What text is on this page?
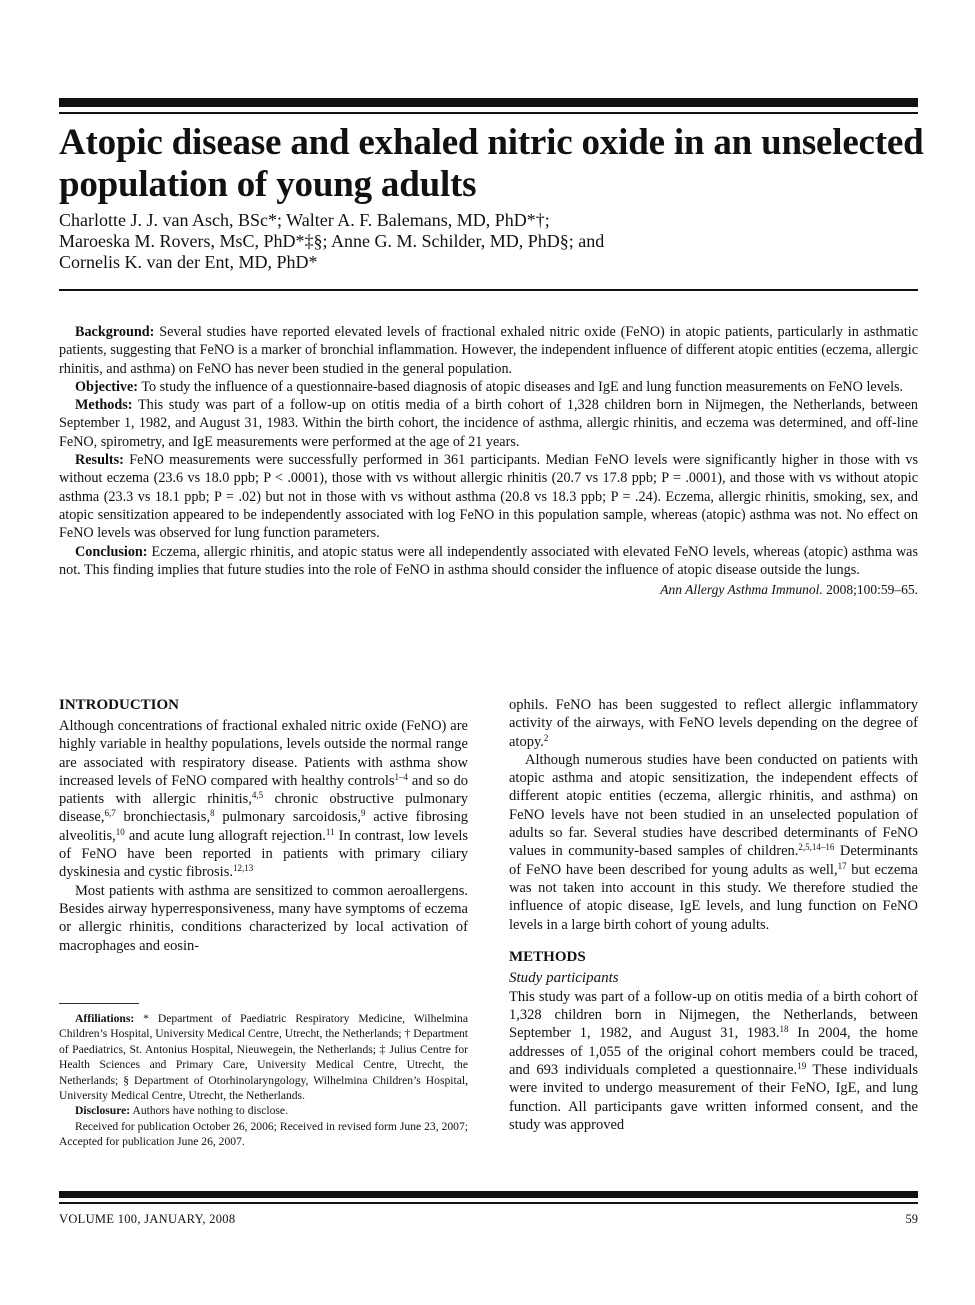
Atopic disease and exhaled nitric oxide in an unselected population of young adults
Charlotte J. J. van Asch, BSc*; Walter A. F. Balemans, MD, PhD*†;
Maroeska M. Rovers, MsC, PhD*‡§; Anne G. M. Schilder, MD, PhD§; and
Cornelis K. van der Ent, MD, PhD*

Background: Several studies have reported elevated levels of fractional exhaled nitric oxide (FeNO) in atopic patients, particularly in asthmatic patients, suggesting that FeNO is a marker of bronchial inflammation. However, the independent influence of different atopic entities (eczema, allergic rhinitis, and asthma) on FeNO has never been studied in the general population.

Objective: To study the influence of a questionnaire-based diagnosis of atopic diseases and IgE and lung function measurements on FeNO levels.

Methods: This study was part of a follow-up on otitis media of a birth cohort of 1,328 children born in Nijmegen, the Netherlands, between September 1, 1982, and August 31, 1983. Within the birth cohort, the incidence of asthma, allergic rhinitis, and eczema was determined, and off-line FeNO, spirometry, and IgE measurements were performed at the age of 21 years.

Results: FeNO measurements were successfully performed in 361 participants. Median FeNO levels were significantly higher in those with vs without eczema (23.6 vs 18.0 ppb; P < .0001), those with vs without allergic rhinitis (20.7 vs 17.8 ppb; P = .0001), and those with vs without atopic asthma (23.3 vs 18.1 ppb; P = .02) but not in those with vs without asthma (20.8 vs 18.3 ppb; P = .24). Eczema, allergic rhinitis, smoking, sex, and atopic sensitization appeared to be independently associated with log FeNO in this population sample, whereas (atopic) asthma was not. No effect on FeNO levels was observed for lung function parameters.

Conclusion: Eczema, allergic rhinitis, and atopic status were all independently associated with elevated FeNO levels, whereas (atopic) asthma was not. This finding implies that future studies into the role of FeNO in asthma should consider the influence of atopic disease outside the lungs.

Ann Allergy Asthma Immunol. 2008;100:59–65.

INTRODUCTION

Although concentrations of fractional exhaled nitric oxide (FeNO) are highly variable in healthy populations, levels outside the normal range are associated with respiratory disease. Patients with asthma show increased levels of FeNO compared with healthy controls$^{1-4}$ and so do patients with allergic rhinitis,$^{4,5}$ chronic obstructive pulmonary disease,$^{6,7}$ bronchiectasis,$^8$ pulmonary sarcoidosis,$^9$ active fibrosing alveolitis,$^{10}$ and acute lung allograft rejection.$^{11}$ In contrast, low levels of FeNO have been reported in patients with primary ciliary dyskinesia and cystic fibrosis.$^{12,13}$

Most patients with asthma are sensitized to common aeroallergens. Besides airway hyperresponsiveness, many have symptoms of eczema or allergic rhinitis, conditions characterized by local activation of macrophages and eosin-

Affiliations: * Department of Paediatric Respiratory Medicine, Wilhelmina Children’s Hospital, University Medical Centre, Utrecht, the Netherlands; † Department of Paediatrics, St. Antonius Hospital, Nieuwegein, the Netherlands; ‡ Julius Centre for Health Sciences and Primary Care, University Medical Centre, Utrecht, the Netherlands; § Department of Otorhinolaryngology, Wilhelmina Children’s Hospital, University Medical Centre, Utrecht, the Netherlands.

Disclosure: Authors have nothing to disclose.

Received for publication October 26, 2006; Received in revised form June 23, 2007; Accepted for publication June 26, 2007.

ophils. FeNO has been suggested to reflect allergic inflammatory activity of the airways, with FeNO levels depending on the degree of atopy.$^2$

Although numerous studies have been conducted on patients with atopic asthma and atopic sensitization, the independent effects of different atopic entities (eczema, allergic rhinitis, and asthma) on FeNO levels have not been studied in an unselected population of adults so far. Several studies have described determinants of FeNO values in community-based samples of children.$^{2,5,14-16}$ Determinants of FeNO have been described for young adults as well,$^{17}$ but eczema was not taken into account in this study. We therefore studied the influence of atopic disease, IgE levels, and lung function on FeNO levels in a large birth cohort of young adults.

METHODS
Study participants

This study was part of a follow-up on otitis media of a birth cohort of 1,328 children born in Nijmegen, the Netherlands, between September 1, 1982, and August 31, 1983.18 In 2004, the home addresses of 1,055 of the original cohort members could be traced, and 693 individuals completed a questionnaire.$^{19}$ These individuals were invited to undergo measurement of their FeNO, IgE, and lung function. All participants gave written informed consent, and the study was approved

VOLUME 100, JANUARY, 2008	59
